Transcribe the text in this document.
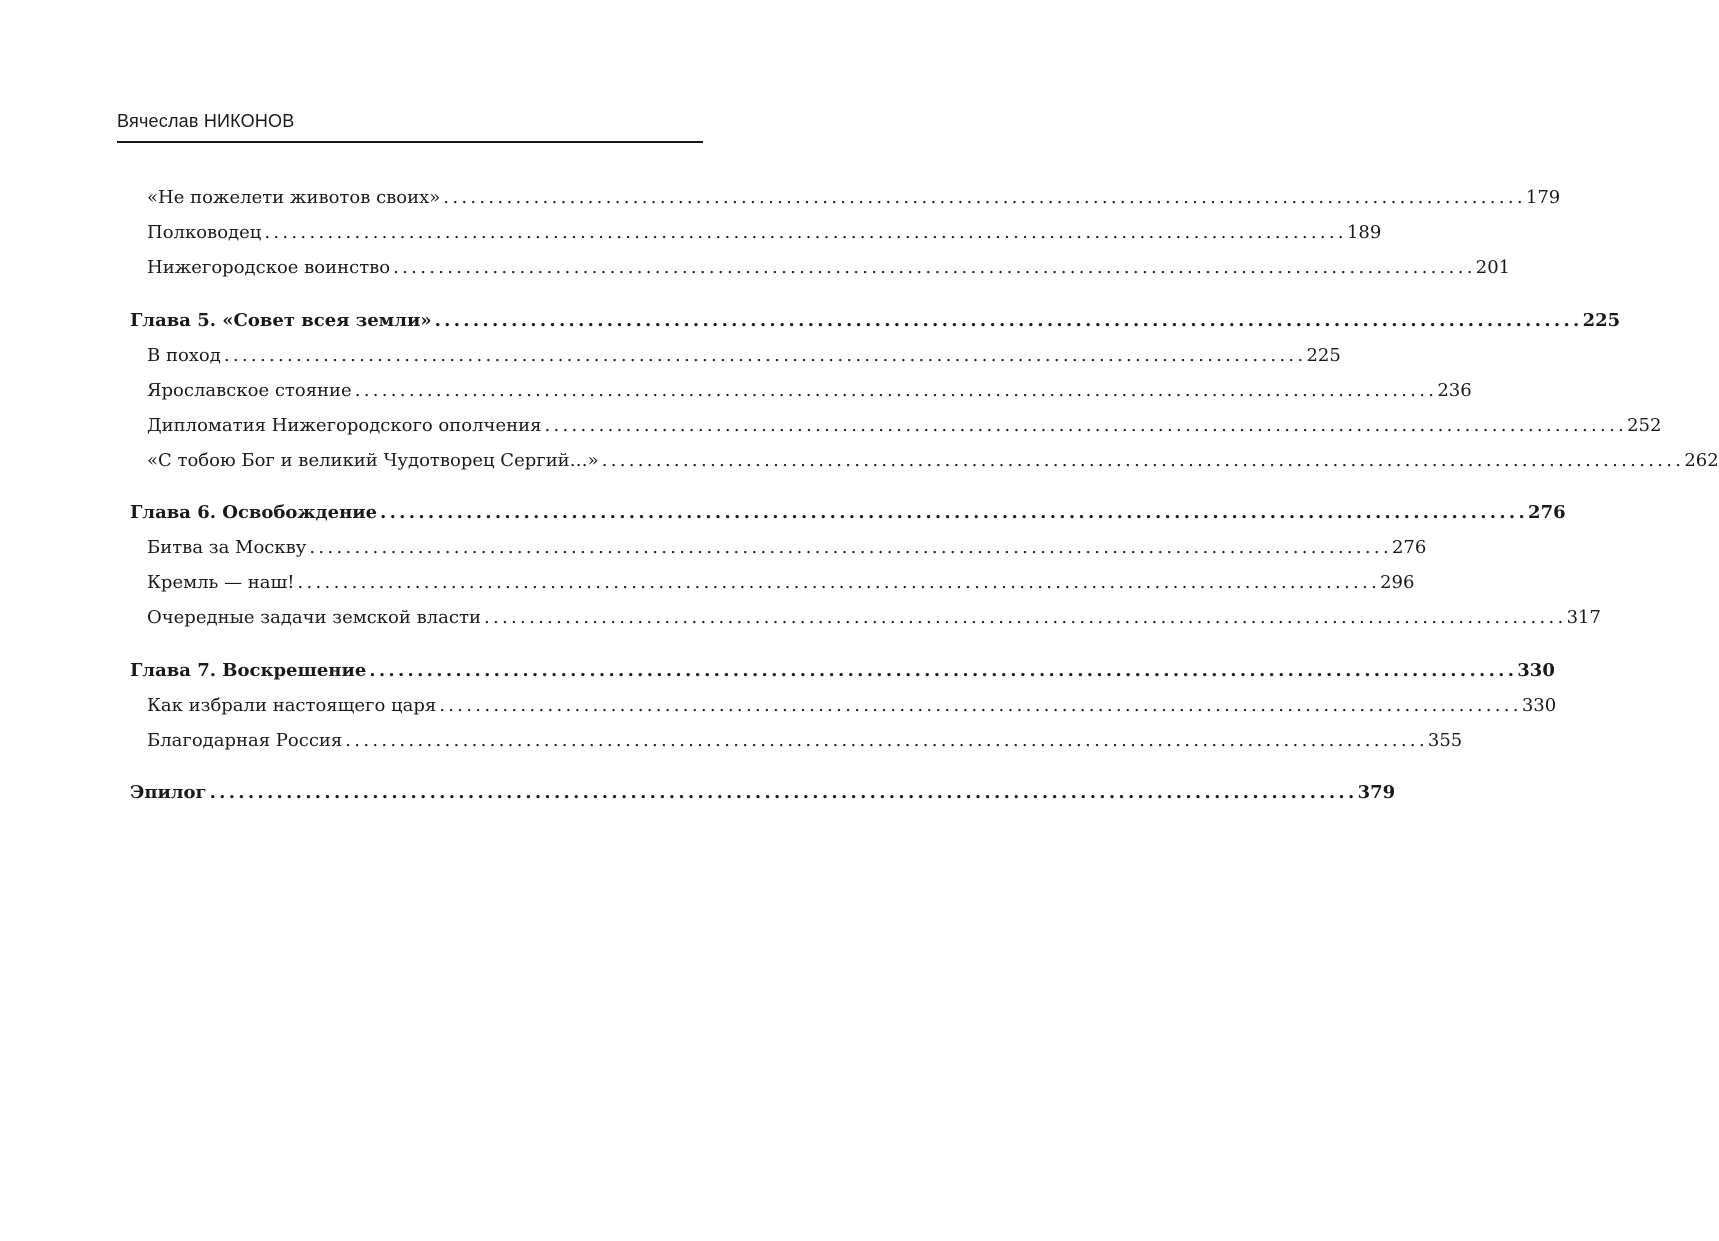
Вячеслав НИКОНОВ
«Не пожелети животов своих» ........................................................................................................................ 179
Полководец ........................................................................................................................ 189
Нижегородское воинство ........................................................................................................................ 201
Глава 5. «Совет всея земли» ........................................................................................................................ 225
В поход ........................................................................................................................ 225
Ярославское стояние ........................................................................................................................ 236
Дипломатия Нижегородского ополчения ........................................................................................................................ 252
«С тобою Бог и великий Чудотворец Сергий…» ........................................................................................................................ 262
Глава 6. Освобождение ........................................................................................................................ 276
Битва за Москву ........................................................................................................................ 276
Кремль — наш! ........................................................................................................................ 296
Очередные задачи земской власти ........................................................................................................................ 317
Глава 7. Воскрешение ........................................................................................................................ 330
Как избрали настоящего царя ........................................................................................................................ 330
Благодарная Россия ........................................................................................................................ 355
Эпилог ........................................................................................................................ 379
